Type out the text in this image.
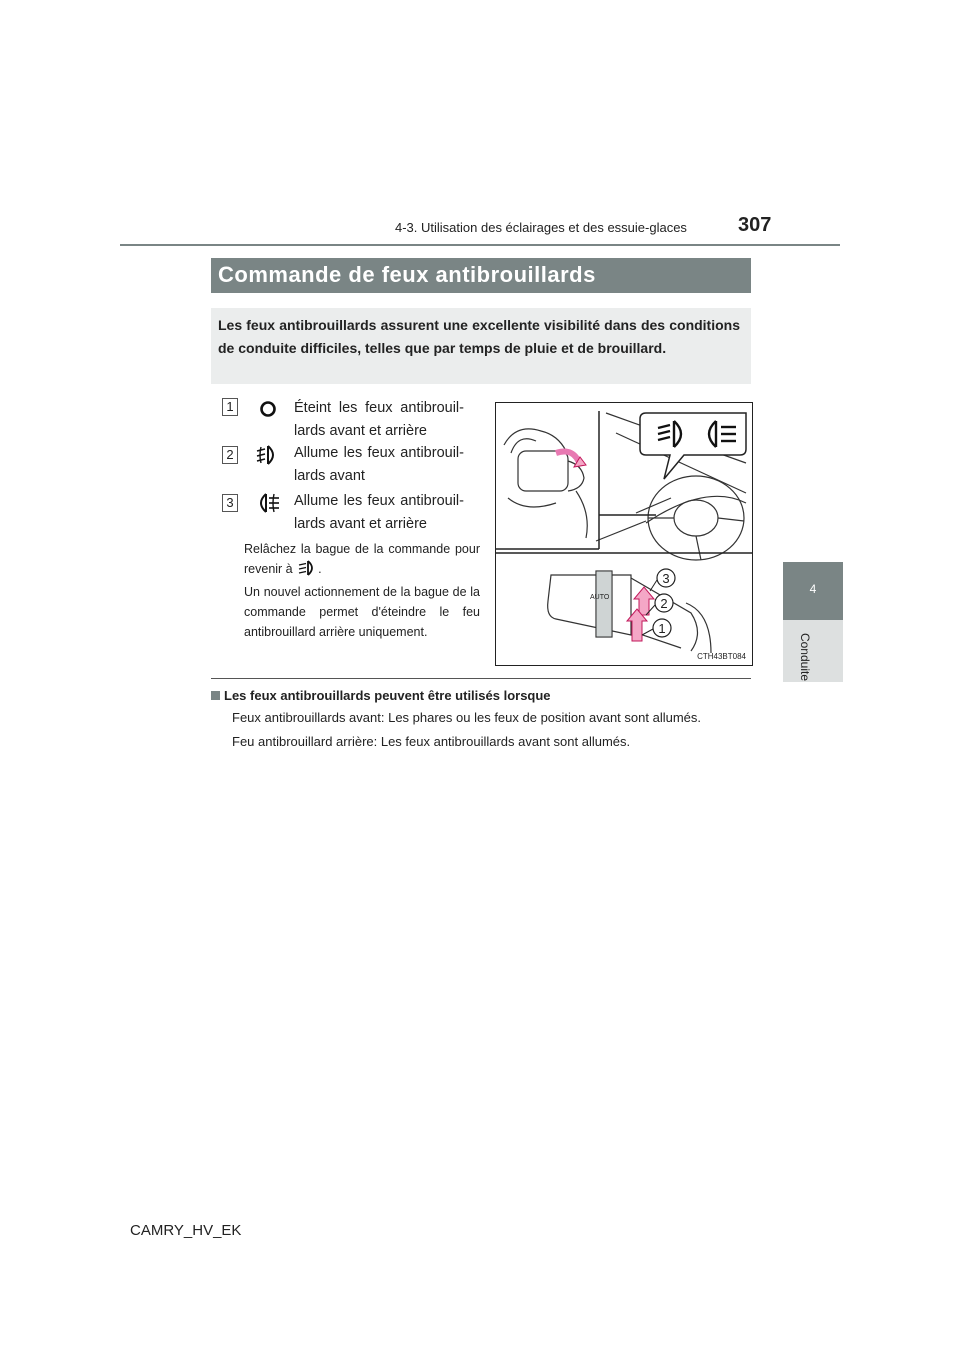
4-3. Utilisation des éclairages et des essuie-glaces	307
4
Conduite
Commande de feux antibrouillards
Les feux antibrouillards assurent une excellente visibilité dans des conditions de conduite difficiles, telles que par temps de pluie et de brouillard.
1	Éteint les feux antibrouillards avant et arrière
2	Allume les feux antibrouillards avant
3	Allume les feux antibrouillards avant et arrière
Relâchez la bague de la commande pour revenir à .
Un nouvel actionnement de la bague de la commande permet d'éteindre le feu antibrouillard arrière uniquement.
AUTO
3
2
1
CTH43BT084
Les feux antibrouillards peuvent être utilisés lorsque
Feux antibrouillards avant: Les phares ou les feux de position avant sont allumés.
Feu antibrouillard arrière: Les feux antibrouillards avant sont allumés.
CAMRY_HV_EK
